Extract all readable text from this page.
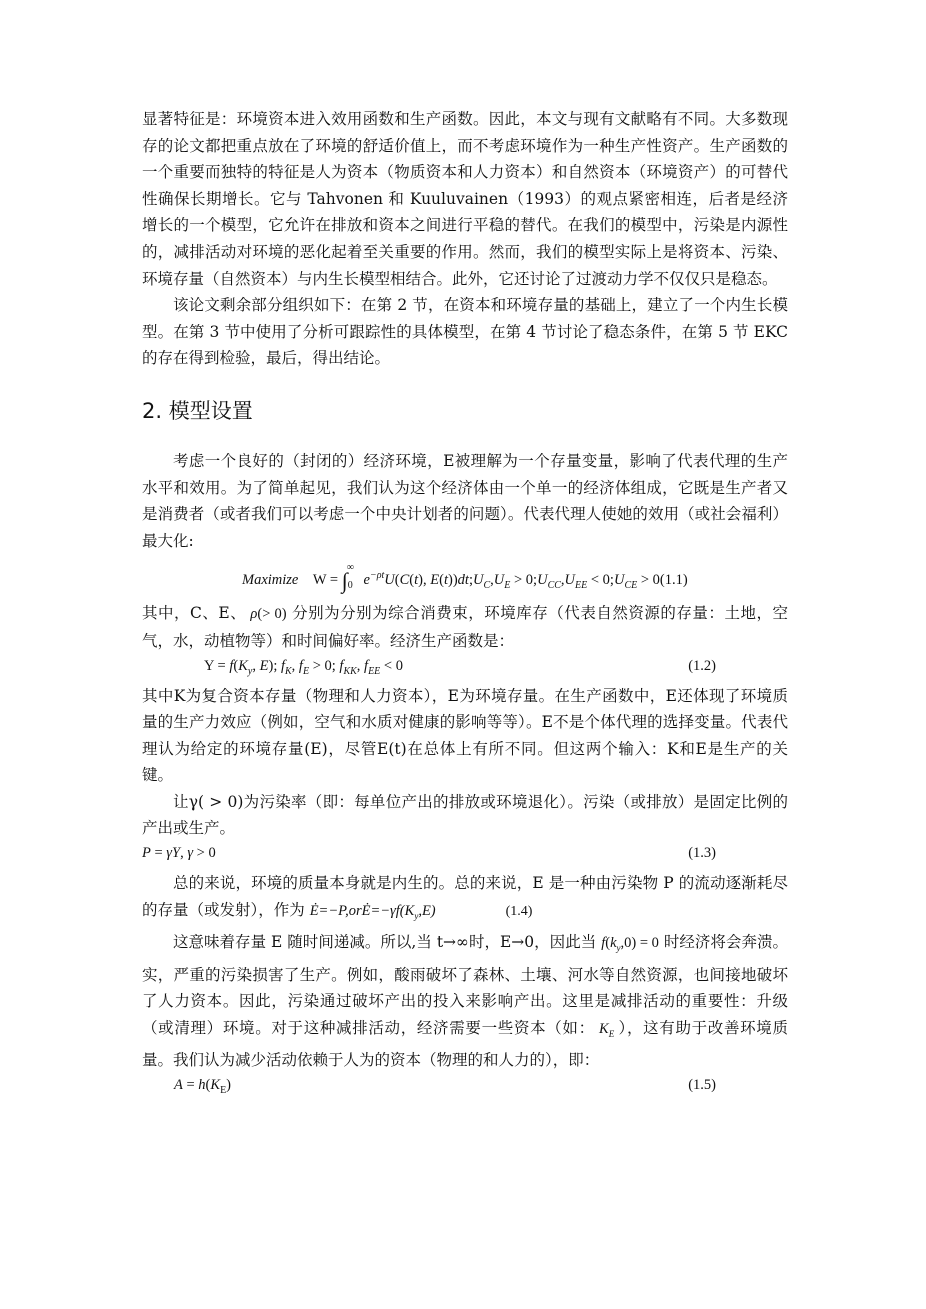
显著特征是：环境资本进入效用函数和生产函数。因此，本文与现有文献略有不同。大多数现存的论文都把重点放在了环境的舒适价值上，而不考虑环境作为一种生产性资产。生产函数的一个重要而独特的特征是人为资本（物质资本和人力资本）和自然资本（环境资产）的可替代性确保长期增长。它与 Tahvonen 和 Kuuluvainen（1993）的观点紧密相连，后者是经济增长的一个模型，它允许在排放和资本之间进行平稳的替代。在我们的模型中，污染是内源性的，减排活动对环境的恶化起着至关重要的作用。然而，我们的模型实际上是将资本、污染、环境存量（自然资本）与内生长模型相结合。此外，它还讨论了过渡动力学不仅仅只是稳态。

该论文剩余部分组织如下：在第 2 节，在资本和环境存量的基础上，建立了一个内生长模型。在第 3 节中使用了分析可跟踪性的具体模型，在第 4 节讨论了稳态条件，在第 5 节 EKC 的存在得到检验，最后，得出结论。

2. 模型设置

考虑一个良好的（封闭的）经济环境，E被理解为一个存量变量，影响了代表代理的生产水平和效用。为了简单起见，我们认为这个经济体由一个单一的经济体组成，它既是生产者又是消费者（或者我们可以考虑一个中央计划者的问题）。代表代理人使她的效用（或社会福利）最大化:

Maximize    $W = \int_0^\infty$ $e^{-\rho t}U(C(t)$, $E(t))dt;U_C,U_E$ > $0;U_{CC},U_{EE}$ < $0;U_{CE} > 0(1.1)$

其中，C、E、 ρ(> 0) 分别为分别为综合消费束，环境库存（代表自然资源的存量：土地，空气，水，动植物等）和时间偏好率。经济生产函数是：

$Y = f(K_y$, E); $f_K$, $f_E > 0$; $f_{KK}$, $f_{EE} < 0$	(1.2)

其中K为复合资本存量（物理和人力资本），E为环境存量。在生产函数中，E还体现了环境质量的生产力效应（例如，空气和水质对健康的影响等等）。E不是个体代理的选择变量。代表代理认为给定的环境存量(E)，尽管E(t)在总体上有所不同。但这两个输入：K和E是生产的关键。

让γ( > 0)为污染率（即：每单位产出的排放或环境退化）。污染（或排放）是固定比例的产出或生产。

P = γY, γ > 0	(1.3)

总的来说，环境的质量本身就是内生的。总的来说，E 是一种由污染物 P 的流动逐渐耗尽的存量（或发射），作为 $Ė=-P,orĖ=-\gamma f(K_y,E)$	(1.4)

这意味着存量 E 随时间递减。所以,当 t→∞时，E→0，因此当 $f(k_y,0) = 0$ 时经济将会奔溃。实，严重的污染损害了生产。例如，酸雨破坏了森林、土壤、河水等自然资源，也间接地破坏了人力资本。因此，污染通过破坏产出的投入来影响产出。这里是减排活动的重要性：升级（或清理）环境。对于这种减排活动，经济需要一些资本（如： $K_E$ ），这有助于改善环境质量。我们认为减少活动依赖于人为的资本（物理的和人力的），即：

$A = h(K_E)$	(1.5)
